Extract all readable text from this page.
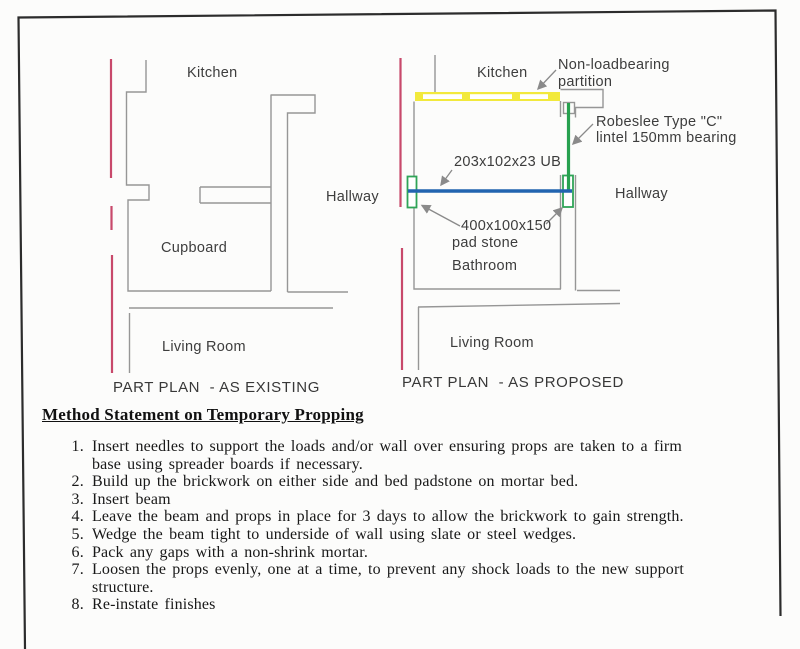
Kitchen
Hallway
Cupboard
Living Room
PART PLAN  - AS EXISTING
Kitchen Non-loadbearing
partition
Robeslee Type "C"
lintel 150mm bearing
203x102x23 UB
Hallway
400x100x150
pad stone
Bathroom
Living Room
PART PLAN  - AS PROPOSED
Method Statement on Temporary Propping
1. Insert needles to support the loads and/or wall over ensuring props are taken to a firm base using spreader boards if necessary.
2. Build up the brickwork on either side and bed padstone on mortar bed.
3. Insert beam
4. Leave the beam and props in place for 3 days to allow the brickwork to gain strength.
5. Wedge the beam tight to underside of wall using slate or steel wedges.
6. Pack any gaps with a non-shrink mortar.
7. Loosen the props evenly, one at a time, to prevent any shock loads to the new support structure.
8. Re-instate finishes
